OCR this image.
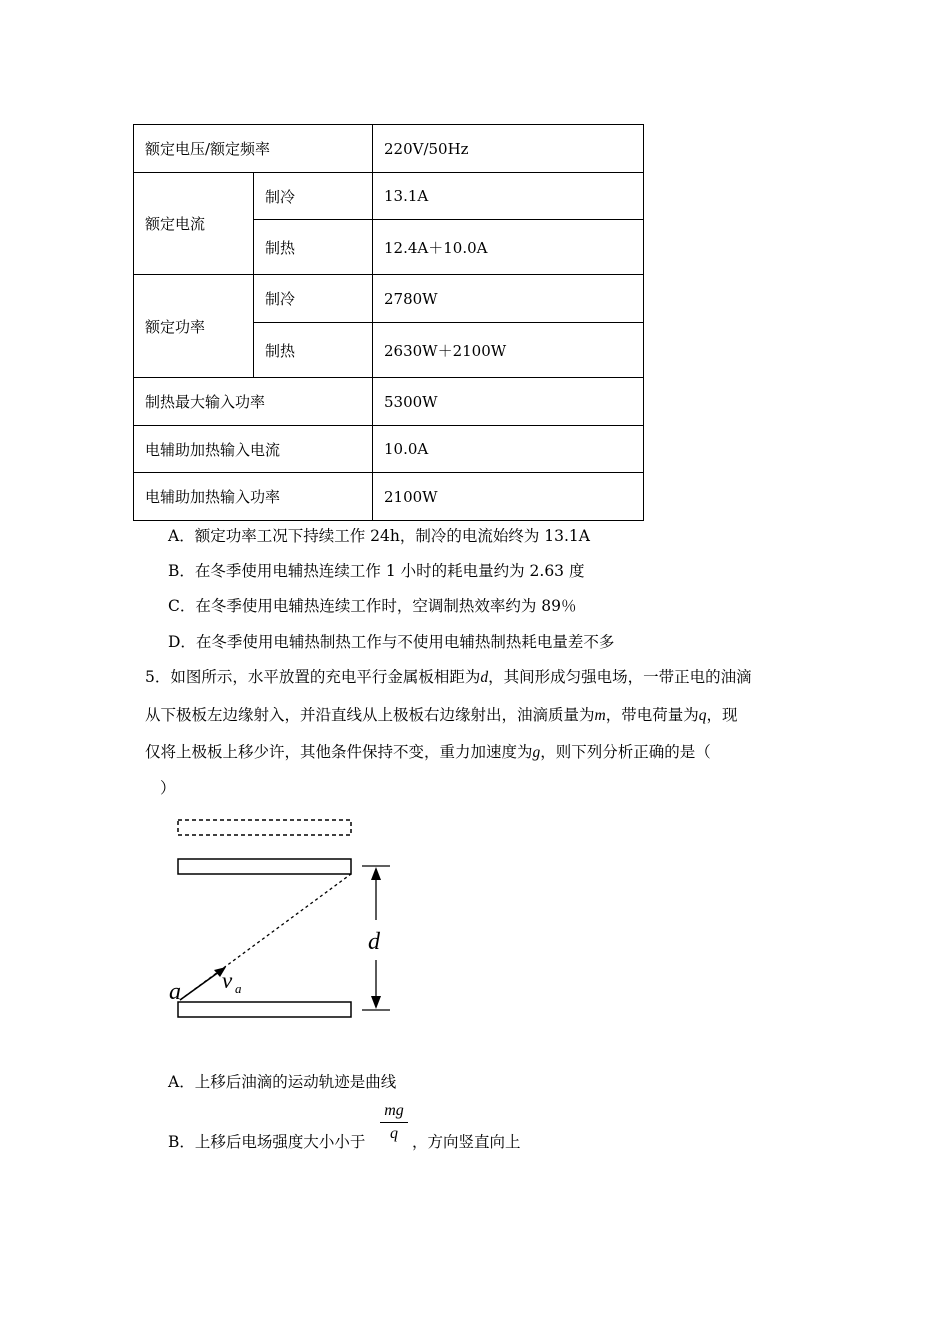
额定电压/额定频率		220V/50Hz
额定电流	制冷	13.1A
	制热	12.4A＋10.0A
额定功率	制冷	2780W
	制热	2630W＋2100W
制热最大输入功率		5300W
电辅助加热输入电流		10.0A
电辅助加热输入功率		2100W
A．额定功率工况下持续工作 24h，制冷的电流始终为 13.1A
B．在冬季使用电辅热连续工作 1 小时的耗电量约为 2.63 度
C．在冬季使用电辅热连续工作时，空调制热效率约为 89％
D．在冬季使用电辅热制热工作与不使用电辅热制热耗电量差不多
5．如图所示，水平放置的充电平行金属板相距为d，其间形成匀强电场，一带正电的油滴
从下极板左边缘射入，并沿直线从上极板右边缘射出，油滴质量为m，带电荷量为q，现
仅将上极板上移少许，其他条件保持不变，重力加速度为g，则下列分析正确的是（
）
d
a v a
A．上移后油滴的运动轨迹是曲线
B．上移后电场强度大小小于 $\frac{mg}{q}$ ，方向竖直向上
